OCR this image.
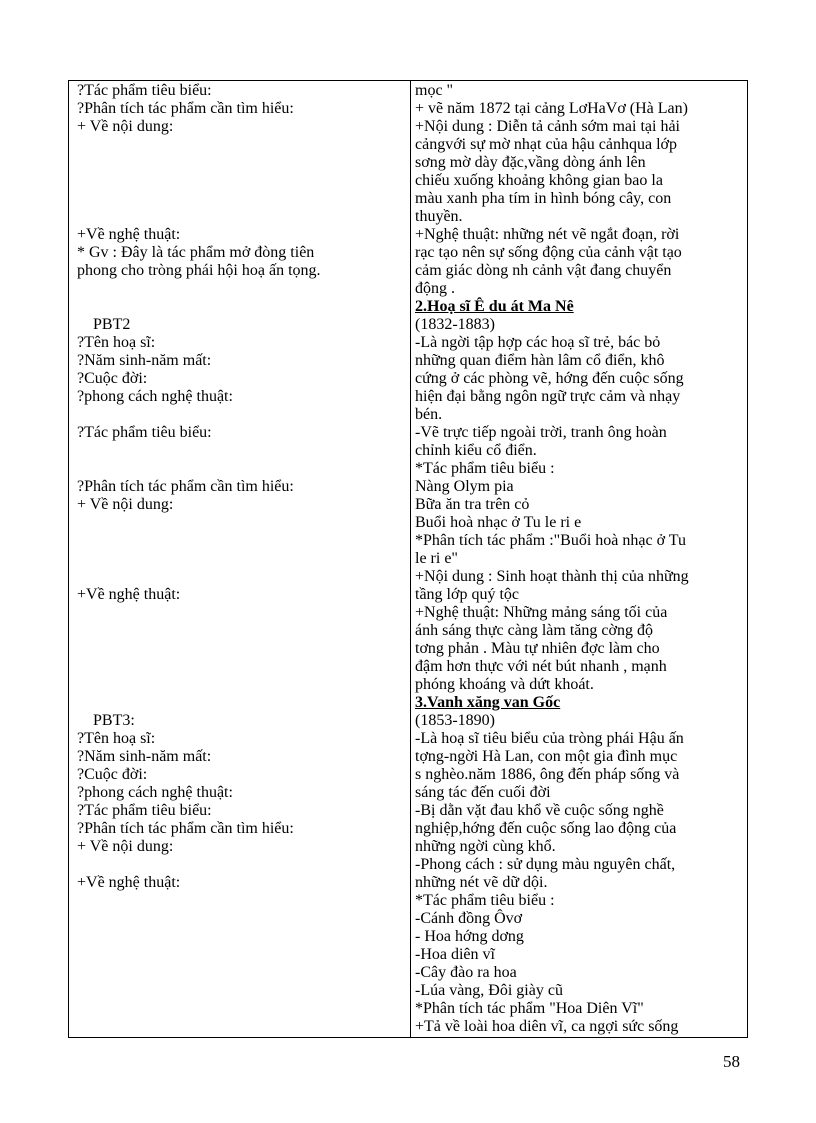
?Tác phẩm tiêu biểu:
?Phân tích tác phẩm cần tìm hiểu:
+ Về nội dung:
+Về nghệ thuật:
* Gv : Đây là tác phẩm mở đòng tiên
phong cho tròng phái hội hoạ ấn tọng.
PBT2
?Tên hoạ sĩ:
?Năm sinh-năm mất:
?Cuộc đời:
?phong cách nghệ thuật:
?Tác phẩm tiêu biểu:
?Phân tích tác phẩm cần tìm hiểu:
+ Về nội dung:
+Về nghệ thuật:
PBT3:
?Tên hoạ sĩ:
?Năm sinh-năm mất:
?Cuộc đời:
?phong cách nghệ thuật:
?Tác phẩm tiêu biểu:
?Phân tích tác phẩm cần tìm hiểu:
+ Về nội dung:
+Về nghệ thuật:
mọc "
+ vẽ năm 1872 tại cảng LơHaVơ (Hà Lan)
+Nội dung : Diễn tả cảnh sớm mai tại hải
cảngvới sự mờ nhạt của hậu cảnhqua lớp
sơng mờ dày đặc,vầng dòng ánh lên
chiếu xuống khoảng không gian bao la
màu xanh pha tím in hình bóng cây, con
thuyền.
+Nghệ thuật: những nét vẽ ngắt đoạn, rời
rạc tạo nên sự sống động của cảnh vật tạo
cảm giác dòng nh cảnh vật đang chuyển
động .
2.Hoạ sĩ Ê du át Ma Nê
(1832-1883)
-Là ngời tập hợp các hoạ sĩ trẻ, bác bỏ
những quan điểm hàn lâm cổ điển, khô
cứng ở các phòng vẽ, hớng đến cuộc sống
hiện đại bằng ngôn ngữ trực cảm và nhạy
bén.
-Vẽ trực tiếp ngoài trời, tranh ông hoàn
chỉnh kiểu cổ điển.
*Tác phẩm tiêu biểu :
Nàng Olym pia
Bữa ăn tra trên cỏ
Buổi hoà nhạc ở Tu le ri e
*Phân tích tác phẩm :"Buổi hoà nhạc ở Tu
le ri e"
+Nội dung : Sinh hoạt thành thị của những
tầng lớp quý tộc
+Nghệ thuật: Những mảng sáng tối của
ánh sáng thực càng làm tăng cờng độ
tơng phản . Màu tự nhiên đợc làm cho
đậm hơn thực với nét bút nhanh , mạnh
phóng khoáng và dứt khoát.
3.Vanh xăng van Gốc
(1853-1890)
-Là hoạ sĩ tiêu biểu của tròng phái Hậu ấn
tợng-ngời Hà Lan, con một gia đình mục
s nghèo.năm 1886, ông đến pháp sống và
sáng tác đến cuối đời
-Bị dằn vặt đau khổ về cuộc sống nghề
nghiệp,hớng đến cuộc sống lao động của
những ngời cùng khổ.
-Phong cách : sử dụng màu nguyên chất,
những nét vẽ dữ dội.
*Tác phẩm tiêu biểu :
-Cánh đồng Ôvơ
- Hoa hớng dơng
-Hoa diên vĩ
-Cây đào ra hoa
-Lúa vàng, Đôi giày cũ
*Phân tích tác phẩm "Hoa Diên Vĩ"
+Tả về loài hoa diên vĩ, ca ngợi sức sống
58
